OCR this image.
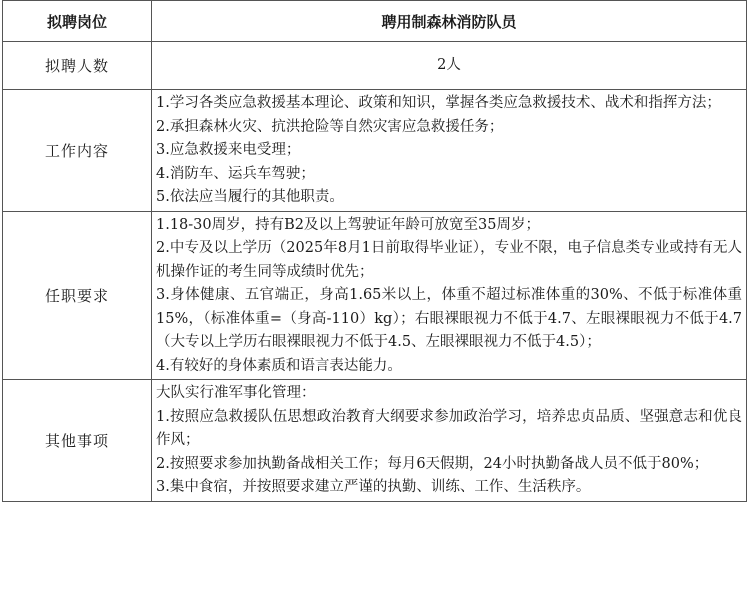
拟聘岗位	聘用制森林消防队员
拟聘人数	2人
工作内容	1.学习各类应急救援基本理论、政策和知识，掌握各类应急救援技术、战术和指挥方法；
2.承担森林火灾、抗洪抢险等自然灾害应急救援任务；
3.应急救援来电受理；
4.消防车、运兵车驾驶；
5.依法应当履行的其他职责。

任职要求	1.18-30周岁，持有B2及以上驾驶证年龄可放宽至35周岁；
2.中专及以上学历（2025年8月1日前取得毕业证），专业不限，电子信息类专业或持有无人机操作证的考生同等成绩时优先；
3.身体健康、五官端正，身高1.65米以上，体重不超过标准体重的30%、不低于标准体重15%，（标准体重=（身高-110）kg）；右眼裸眼视力不低于4.7、左眼裸眼视力不低于4.7（大专以上学历右眼裸眼视力不低于4.5、左眼裸眼视力不低于4.5）；
4.有较好的身体素质和语言表达能力。

其他事项	大队实行准军事化管理：
1.按照应急救援队伍思想政治教育大纲要求参加政治学习，培养忠贞品质、坚强意志和优良作风；
2.按照要求参加执勤备战相关工作；每月6天假期，24小时执勤备战人员不低于80%；
3.集中食宿，并按照要求建立严谨的执勤、训练、工作、生活秩序。
